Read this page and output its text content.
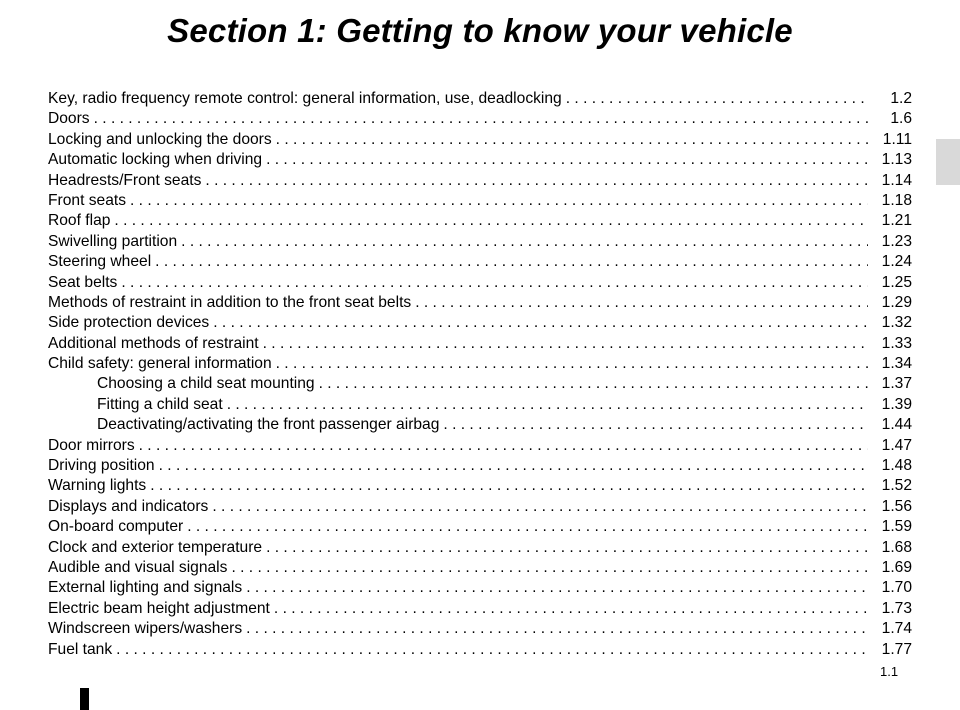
Section 1: Getting to know your vehicle
Key, radio frequency remote control: general information, use, deadlocking . . .	1.2
Doors . . .	1.6
Locking and unlocking the doors . . .	1.11
Automatic locking when driving . . .	1.13
Headrests/Front seats . . .	1.14
Front seats . . .	1.18
Roof flap . . .	1.21
Swivelling partition . . .	1.23
Steering wheel . . .	1.24
Seat belts . . .	1.25
Methods of restraint in addition to the front seat belts . . .	1.29
Side protection devices . . .	1.32
Additional methods of restraint . . .	1.33
Child safety: general information . . .	1.34
Choosing a child seat mounting . . .	1.37
Fitting a child seat . . .	1.39
Deactivating/activating the front passenger airbag . . .	1.44
Door mirrors . . .	1.47
Driving position . . .	1.48
Warning lights . . .	1.52
Displays and indicators . . .	1.56
On-board computer . . .	1.59
Clock and exterior temperature . . .	1.68
Audible and visual signals . . .	1.69
External lighting and signals . . .	1.70
Electric beam height adjustment . . .	1.73
Windscreen wipers/washers . . .	1.74
Fuel tank . . .	1.77
1.1
